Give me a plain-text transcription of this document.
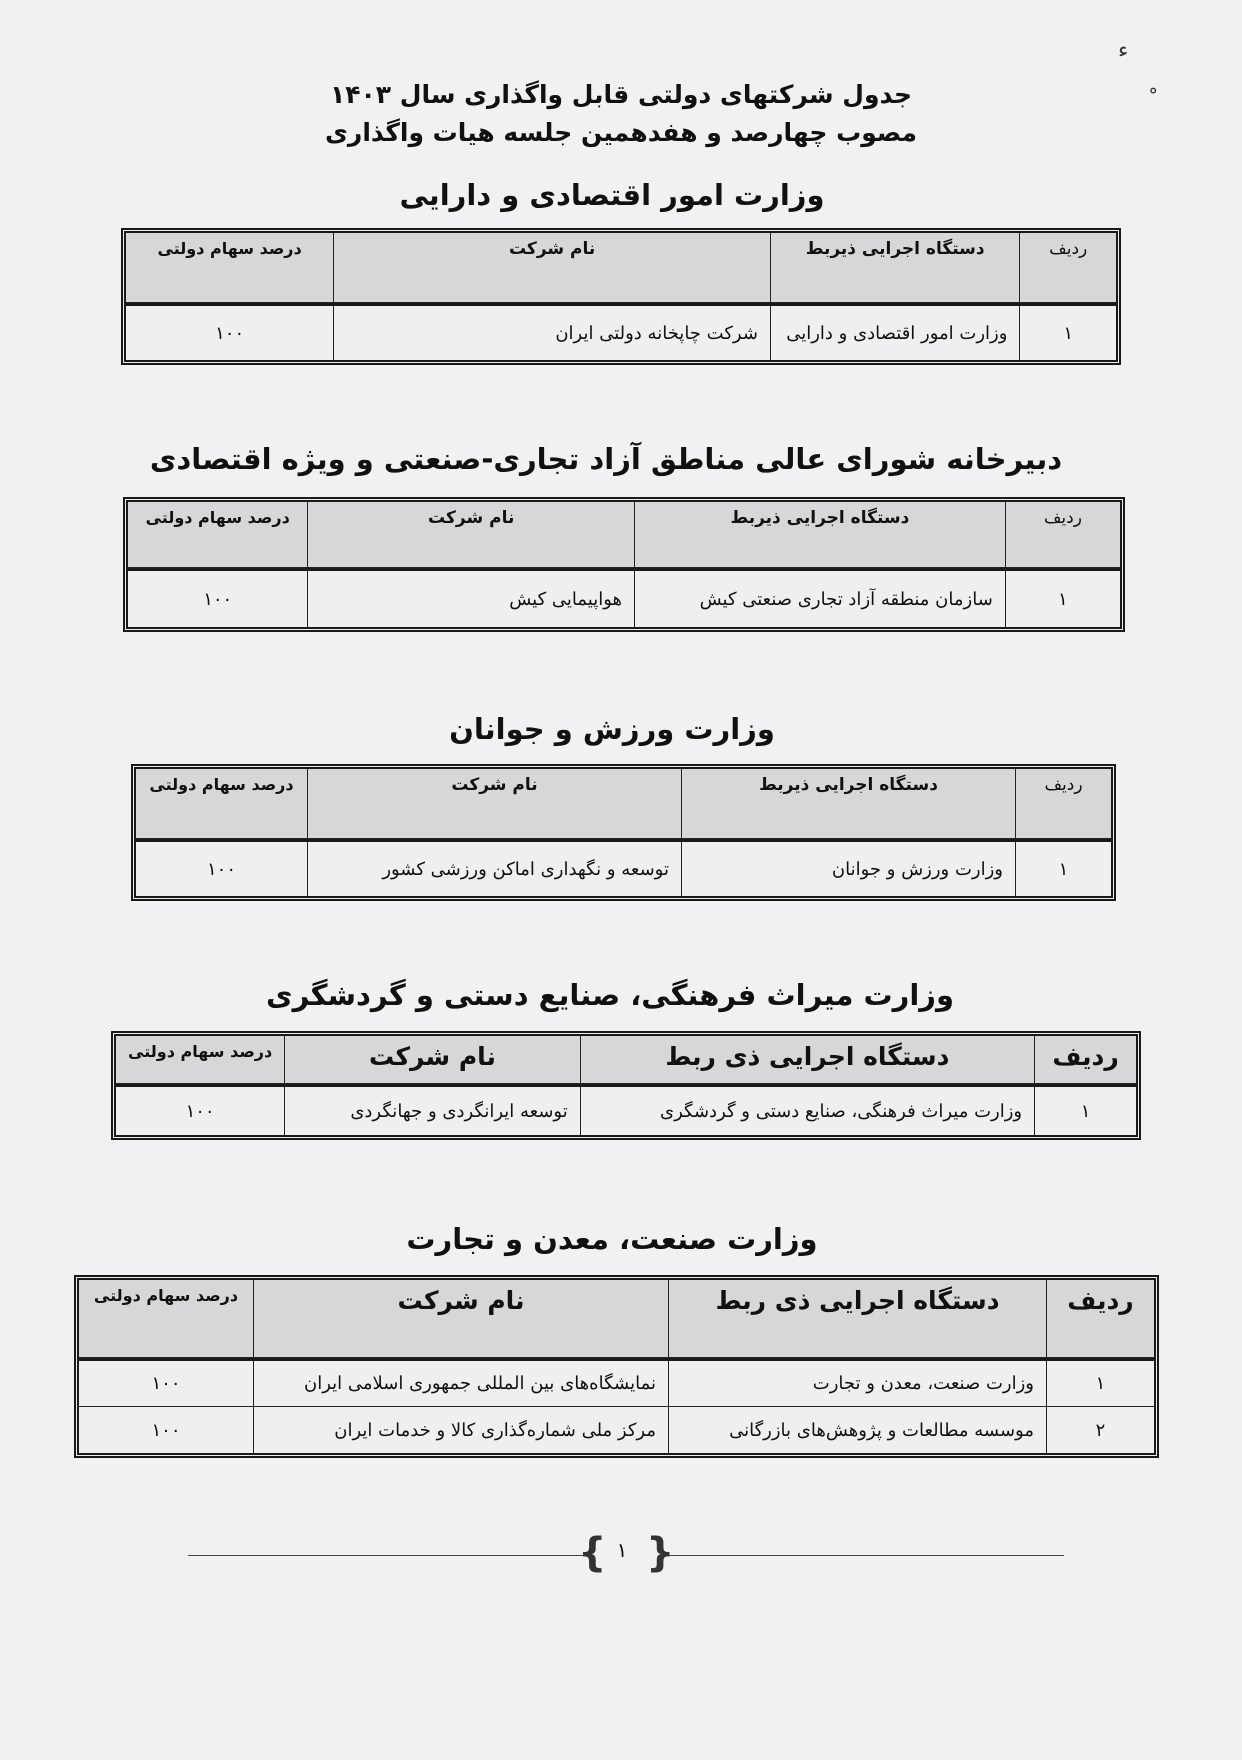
ﺀ
ﹾ
جدول شرکتهای دولتی قابل واگذاری سال ۱۴۰۳
مصوب چهارصد و هفدهمین جلسه هیات واگذاری
وزارت امور اقتصادی و دارایی
ردیف	دستگاه اجرایی ذیربط	نام شرکت	درصد سهام دولتی

۱	وزارت امور اقتصادی و دارایی	شرکت چاپخانه دولتی ایران	۱۰۰
دبیرخانه شورای عالی مناطق آزاد تجاری-صنعتی و ویژه اقتصادی
ردیف	دستگاه اجرایی ذیربط	نام شرکت	درصد سهام دولتی

۱	سازمان منطقه آزاد تجاری صنعتی کیش	هواپیمایی کیش	۱۰۰
وزارت ورزش و جوانان
ردیف	دستگاه اجرایی ذیربط	نام شرکت	درصد سهام دولتی

۱	وزارت ورزش و جوانان	توسعه و نگهداری اماکن ورزشی کشور	۱۰۰
وزارت میراث فرهنگی، صنایع دستی و گردشگری
ردیف	دستگاه اجرایی ذی ربط	نام شرکت	درصد سهام دولتی

۱	وزارت میراث فرهنگی، صنایع دستی و گردشگری	توسعه ایرانگردی و جهانگردی	۱۰۰
وزارت صنعت، معدن و تجارت
ردیف	دستگاه اجرایی ذی ربط	نام شرکت	درصد سهام دولتی

۱	وزارت صنعت، معدن و تجارت	نمایشگاه‌های بین المللی جمهوری اسلامی ایران	۱۰۰
۲	موسسه مطالعات و پژوهش‌های بازرگانی	مرکز ملی شماره‌گذاری کالا و خدمات ایران	۱۰۰
{ }
۱
